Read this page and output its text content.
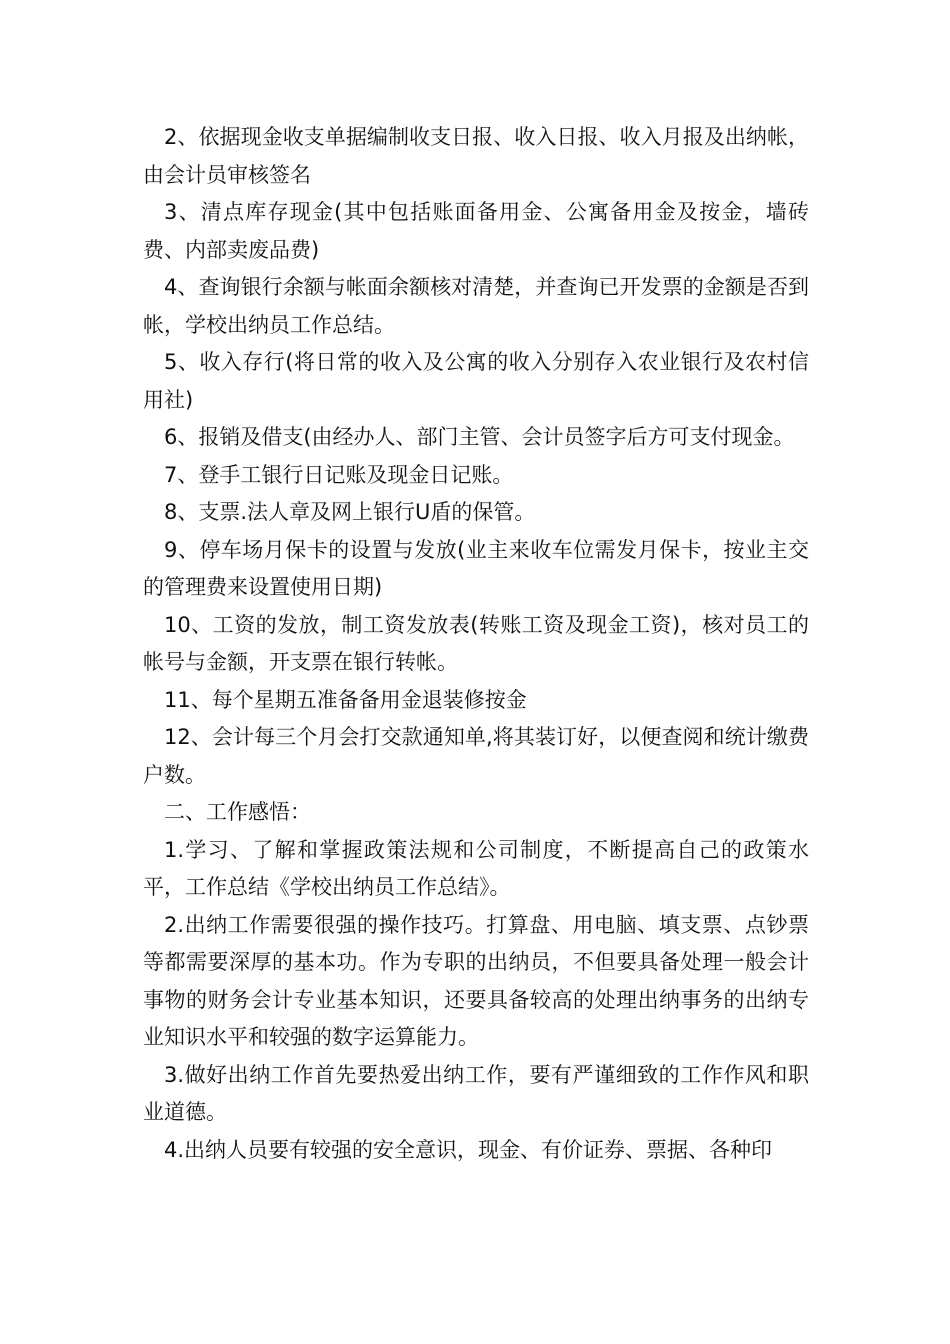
2、依据现金收支单据编制收支日报、收入日报、收入月报及出纳帐，由会计员审核签名

3、清点库存现金(其中包括账面备用金、公寓备用金及按金，墙砖费、内部卖废品费)

4、查询银行余额与帐面余额核对清楚，并查询已开发票的金额是否到帐，学校出纳员工作总结。

5、收入存行(将日常的收入及公寓的收入分别存入农业银行及农村信用社)

6、报销及借支(由经办人、部门主管、会计员签字后方可支付现金。

7、登手工银行日记账及现金日记账。

8、支票.法人章及网上银行U盾的保管。

9、停车场月保卡的设置与发放(业主来收车位需发月保卡，按业主交的管理费来设置使用日期)

10、工资的发放，制工资发放表(转账工资及现金工资)，核对员工的帐号与金额，开支票在银行转帐。

11、每个星期五准备备用金退装修按金

12、会计每三个月会打交款通知单,将其装订好，以便查阅和统计缴费户数。

二、工作感悟：

1.学习、了解和掌握政策法规和公司制度，不断提高自己的政策水平，工作总结《学校出纳员工作总结》。

2.出纳工作需要很强的操作技巧。打算盘、用电脑、填支票、点钞票等都需要深厚的基本功。作为专职的出纳员，不但要具备处理一般会计事物的财务会计专业基本知识，还要具备较高的处理出纳事务的出纳专业知识水平和较强的数字运算能力。

3.做好出纳工作首先要热爱出纳工作，要有严谨细致的工作作风和职业道德。

4.出纳人员要有较强的安全意识，现金、有价证券、票据、各种印
